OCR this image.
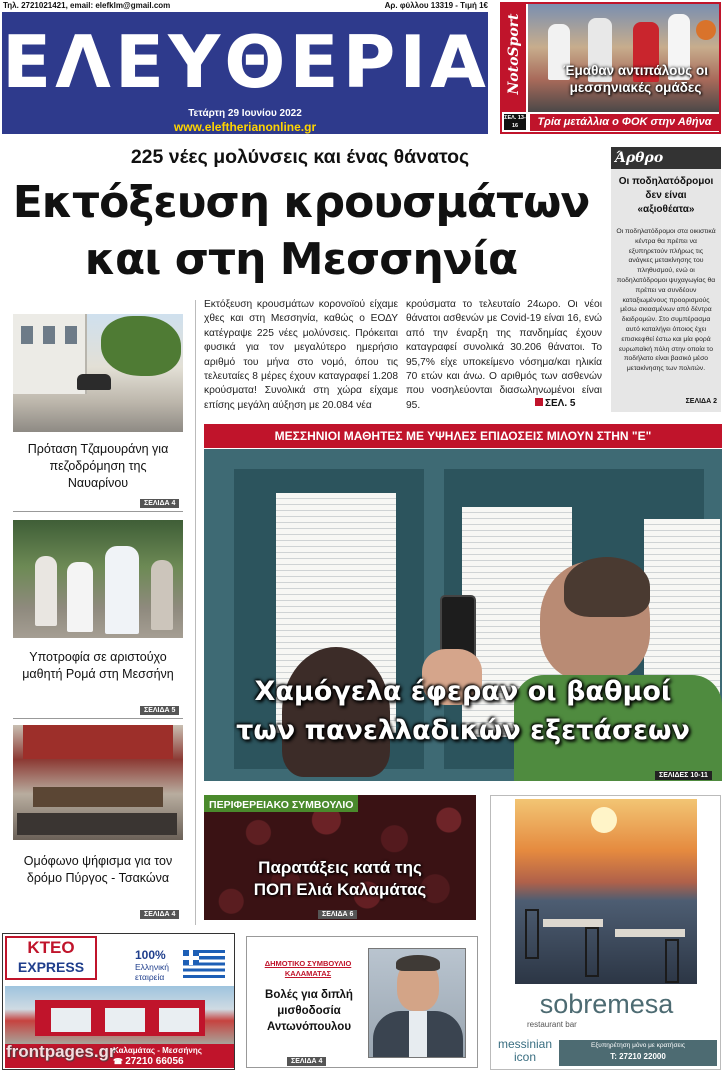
Τηλ. 2721021421, email: elefklm@gmail.com	Αρ. φύλλου 13319 - Τιμή 1€
ΕΛΕΥΘΕΡΙΑ
Τετάρτη 29 Ιουνίου 2022
www.eleftherianonline.gr
NotoSport	Έμαθαν αντιπάλους οι μεσσηνιακές ομάδες
ΣΕΛ. 13-16	Τρία μετάλλια ο ΦΟΚ στην Αθήνα
225 νέες μολύνσεις και ένας θάνατος
Εκτόξευση κρουσμάτων
και στη Μεσσηνία
Εκτόξευση κρουσμάτων κορονοϊού είχαμε χθες και στη Μεσσηνία, καθώς ο ΕΟΔΥ κατέγραψε 225 νέες μολύνσεις. Πρόκειται φυσικά για τον μεγαλύτερο ημερήσιο αριθμό του μήνα στο νομό, όπου τις τελευταίες 8 μέρες έχουν καταγραφεί 1.208 κρούσματα! Συνολικά στη χώρα είχαμε επίσης μεγάλη αύξηση με 20.084 νέα
κρούσματα το τελευταίο 24ωρο. Οι νέοι θάνατοι ασθενών με Covid-19 είναι 16, ενώ από την έναρξη της πανδημίας έχουν καταγραφεί συνολικά 30.206 θάνατοι. Το 95,7% είχε υποκείμενο νόσημα/και ηλικία 70 ετών και άνω. Ο αριθμός των ασθενών που νοσηλεύονται διασωληνωμένοι είναι 95.	ΣΕΛ. 5
Άρθρο
Οι ποδηλατόδρομοι δεν είναι «αξιοθέατα»
Οι ποδηλατόδρομοι στα οικιστικά κέντρα θα πρέπει να εξυπηρετούν πλήρως τις ανάγκες μετακίνησης του πληθυσμού, ενώ οι ποδηλατόδρομοι ψυχαγωγίας θα πρέπει να συνδέουν καταξιωμένους προορισμούς μέσω σκιασμένων από δέντρα διαδρομών. Στο συμπέρασμα αυτό καταλήγει όποιος έχει επισκεφθεί έστω και μία φορά ευρωπαϊκή πόλη στην οποία το ποδήλατο είναι βασικό μέσο μετακίνησης των πολιτών.
ΣΕΛΙΔΑ 2
Πρόταση Τζαμουράνη για πεζοδρόμηση της Ναυαρίνου
ΣΕΛΙΔΑ 4
Υποτροφία σε αριστούχο μαθητή Ρομά στη Μεσσήνη
ΣΕΛΙΔΑ 5
Ομόφωνο ψήφισμα για τον δρόμο Πύργος - Τσακώνα
ΣΕΛΙΔΑ 4
ΜΕΣΣΗΝΙΟΙ ΜΑΘΗΤΕΣ ΜΕ ΥΨΗΛΕΣ ΕΠΙΔΟΣΕΙΣ ΜΙΛΟΥΝ ΣΤΗΝ "Ε"
Χαμόγελα έφεραν οι βαθμοί
των πανελλαδικών εξετάσεων
ΣΕΛΙΔΕΣ 10-11
ΠΕΡΙΦΕΡΕΙΑΚΟ ΣΥΜΒΟΥΛΙΟ
Παρατάξεις κατά της
ΠΟΠ Ελιά Καλαμάτας
ΣΕΛΙΔΑ 6
sobremesa
restaurant bar
messinian
icon
Εξυπηρέτηση μόνο με κρατήσεις
Τ: 27210 22000
ΚΤΕΟ
EXPRESS
100%
Ελληνική
εταιρεία
Καλαμάτας - Μεσσήνης
☎ 27210 66056
ΔΗΜΟΤΙΚΟ ΣΥΜΒΟΥΛΙΟ
ΚΑΛΑΜΑΤΑΣ
Βολές για διπλή μισθοδοσία Αντωνόπουλου
ΣΕΛΙΔΑ 4
frontpages.gr
